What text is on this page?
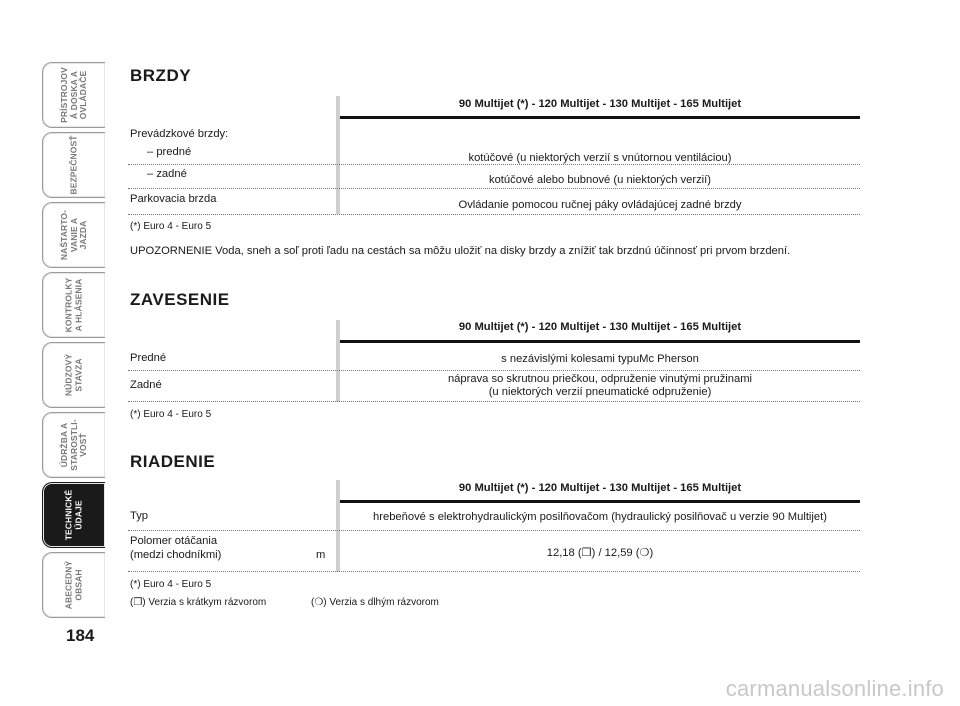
PRÍSTROJOV
Á DOSKA A
OVLÁDAČE
BEZPEČNOSŤ
NAŠTARTO-
VANIE A
JAZDA
KONTROLKY
A HLÁSENIA
NÚDZOVÝ
STAV​ZA
ÚDRŽBA A
STAROSTLI-
VOSŤ
TECHNICKÉ
ÚDAJE
ABECEDNÝ
OBSAH
184
BRZDY
90 Multijet (*) - 120 Multijet - 130 Multijet - 165 Multijet
Prevádzkové brzdy:
– predné	kotúčové (u niektorých verzií s vnútornou ventiláciou)
– zadné	kotúčové alebo bubnové (u niektorých verzií)
Parkovacia brzda	Ovládanie pomocou ručnej páky ovládajúcej zadné brzdy
(*) Euro 4 - Euro 5
UPOZORNENIE Voda, sneh a soľ proti ľadu na cestách sa môžu uložiť na disky brzdy a znížiť tak brzdnú účinnosť pri prvom brzdení.
ZAVESENIE
90 Multijet (*) - 120 Multijet - 130 Multijet - 165 Multijet
Predné	s nezávislými kolesami typuMc Pherson
Zadné	náprava so skrutnou priečkou, odpruženie vinutými pružinami
(u niektorých verzií pneumatické odpruženie)
(*) Euro 4 - Euro 5
RIADENIE
90 Multijet (*) - 120 Multijet - 130 Multijet - 165 Multijet
Typ	hrebeňové s elektrohydraulickým posilňovačom (hydraulický posilňovač u verzie 90 Multijet)
Polomer otáčania
(medzi chodníkmi)	m	12,18 (❒) / 12,59 (❍)
(*) Euro 4 - Euro 5
(❒) Verzia s krátkym rázvorom	(❍) Verzia s dlhým rázvorom
carmanualsonline.info
